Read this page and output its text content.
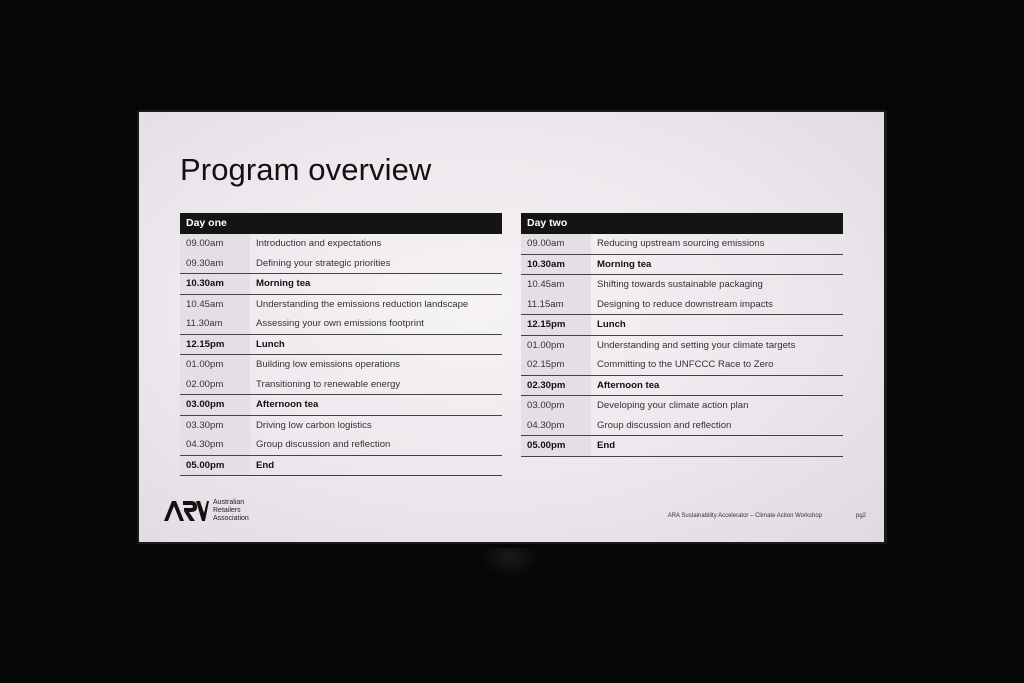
Program overview
Day one
09.00am	Introduction and expectations
09.30am	Defining your strategic priorities
10.30am	Morning tea
10.45am	Understanding the emissions reduction landscape
11.30am	Assessing your own emissions footprint
12.15pm	Lunch
01.00pm	Building low emissions operations
02.00pm	Transitioning to renewable energy
03.00pm	Afternoon tea
03.30pm	Driving low carbon logistics
04.30pm	Group discussion and reflection
05.00pm	End
Day two
09.00am	Reducing upstream sourcing emissions
10.30am	Morning tea
10.45am	Shifting towards sustainable packaging
11.15am	Designing to reduce downstream impacts
12.15pm	Lunch
01.00pm	Understanding and setting your climate targets
02.15pm	Committing to the UNFCCC Race to Zero
02.30pm	Afternoon tea
03.00pm	Developing your climate action plan
04.30pm	Group discussion and reflection
05.00pm	End
Australian
Retailers
Association	ARA Sustainability Accelerator – Climate Action Workshop	pg2
